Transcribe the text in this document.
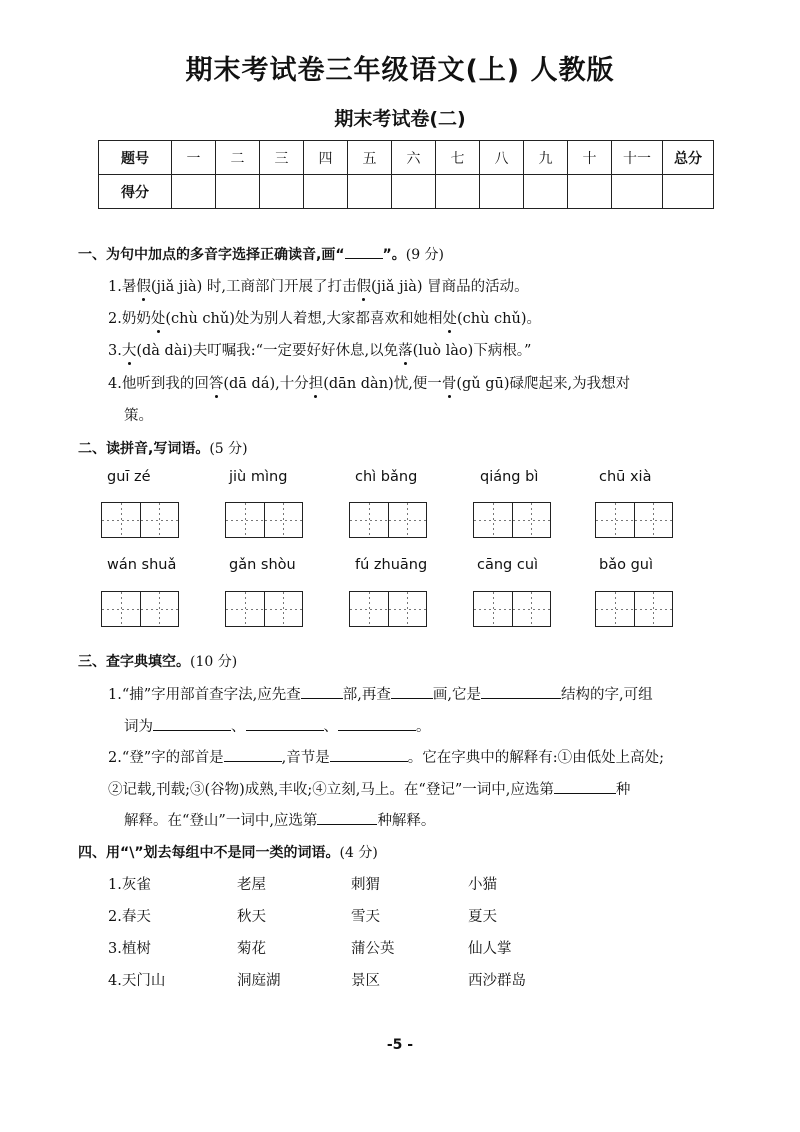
期末考试卷三年级语文(上) 人教版
期末考试卷(二)
题号	一	二	三	四	五	六	七	八	九	十	十一	总分
得分												
一、为句中加点的多音字选择正确读音,画“	”。(9 分)
1.暑假(jiǎ jià) 时,工商部门开展了打击假(jiǎ jià) 冒商品的活动。
2.奶奶处(chù chǔ)处为别人着想,大家都喜欢和她相处(chù chǔ)。
3.大(dà dài)夫叮嘱我:“一定要好好休息,以免落(luò lào)下病根。”
4.他听到我的回答(dā dá),十分担(dān dàn)忧,便一骨(gǔ gū)碌爬起来,为我想对
策。
二、读拼音,写词语。(5 分)
guī zé	jiù mìng	chì bǎng	qiáng bì	chū xià
wán shuǎ	gǎn shòu	fú zhuāng	cāng cuì	bǎo guì
三、查字典填空。(10 分)
1.“捕”字用部首查字法,应先查	部,再查	画,它是	结构的字,可组
词为	、	、	。
2.“登”字的部首是	,音节是	。它在字典中的解释有:①由低处上高处;
②记载,刊载;③(谷物)成熟,丰收;④立刻,马上。在“登记”一词中,应选第	种
解释。在“登山”一词中,应选第	种解释。
四、用“\”划去每组中不是同一类的词语。(4 分)
1.灰雀	老屋	刺猬	小猫
2.春天	秋天	雪天	夏天
3.植树	菊花	蒲公英	仙人掌
4.天门山	洞庭湖	景区	西沙群岛
-5 -
